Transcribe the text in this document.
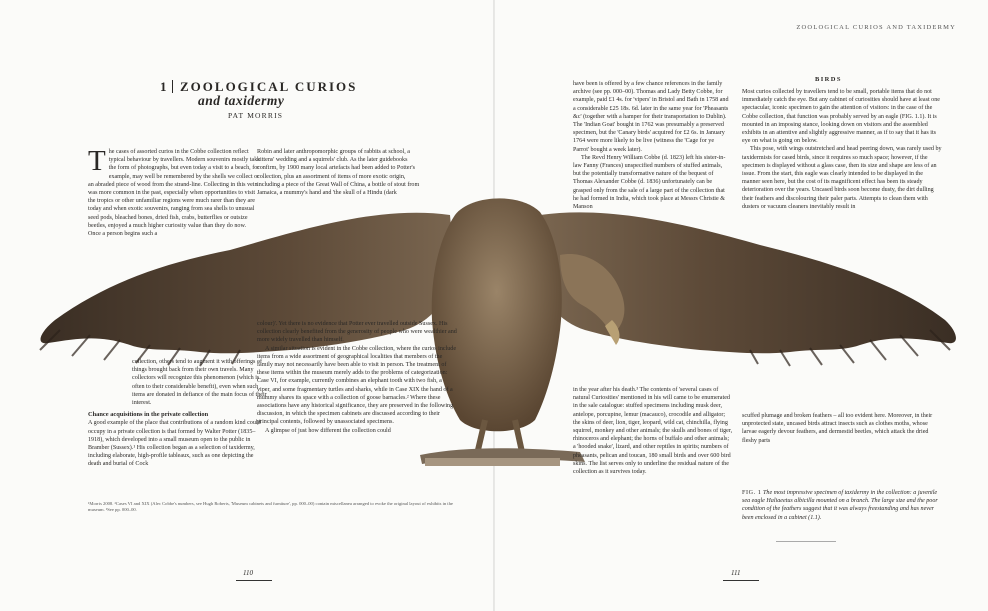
ZOOLOGICAL CURIOS AND TAXIDERMY
1 ZOOLOGICAL CURIOS
and taxidermy
PAT MORRIS

The cases of assorted curios in the Cobbe collection reflect typical behaviour by travellers. Modern souvenirs mostly take the form of photographs, but even today a visit to a beach, for example, may well be remembered by the shells we collect or an abraded piece of wood from the strand-line. Collecting in this vein was more common in the past, especially when opportunities to visit the tropics or other unfamiliar regions were much rarer than they are today and when exotic souvenirs, ranging from sea shells to unusual seed pods, bleached bones, dried fish, crabs, butterflies or outsize beetles, enjoyed a much higher curiosity value than they do now. Once a person begins such a

collection, others tend to augment it with offerings of things brought back from their own travels. Many collectors will recognize this phenomenon (which is often to their considerable benefit), even when such items are donated in defiance of the main focus of their interest.

Chance acquisitions in the private collection

A good example of the place that contributions of a random kind could occupy in a private collection is that formed by Walter Potter (1835–1918), which developed into a small museum open to the public in Bramber (Sussex).¹ His collection began as a selection of taxidermy, including elaborate, high-profile tableaux, such as one depicting the death and burial of Cock

Robin and later anthropomorphic groups of rabbits at school, a kittens' wedding and a squirrels' club. As the later guidebooks confirm, by 1900 many local artefacts had been added to Potter's collection, plus an assortment of items of more exotic origin, including a piece of the Great Wall of China, a bottle of stout from Jamaica, a mummy's hand and 'the skull of a Hindu (dark

colour)'. Yet there is no evidence that Potter ever travelled outside Sussex. His collection clearly benefited from the generosity of people who were wealthier and more widely travelled than himself.

A similar situation is evident in the Cobbe collection, where the curios include items from a wide assortment of geographical localities that members of the family may not necessarily have been able to visit in person. The treatment of these items within the museum merely adds to the problems of categorization: Case VI, for example, currently combines an elephant tooth with two fish, a viper, and some fragmentary turtles and sharks, while in Case XIX the hand of a mummy shares its space with a collection of goose barnacles.² Where these associations have any historical significance, they are preserved in the following discussion, in which the specimen cabinets are discussed according to their principal contents, followed by unassociated specimens.

A glimpse of just how different the collection could

have been is offered by a few chance references in the family archive (see pp. 000–00). Thomas and Lady Betty Cobbe, for example, paid £1 4s. for 'vipers' in Bristol and Bath in 1758 and a considerable £25 18s. 6d. later in the same year for 'Pheasants &c' (together with a hamper for their transportation to Dublin). The 'Indian Goat' bought in 1762 was presumably a preserved specimen, but the 'Canary birds' acquired for £2 6s. in January 1764 were more likely to be live (witness the 'Cage for ye Parrot' bought a week later).

The Revd Henry William Cobbe (d. 1823) left his sister-in-law Fanny (Frances) unspecified numbers of stuffed animals, but the potentially transformative nature of the bequest of Thomas Alexander Cobbe (d. 1836) unfortunately can be grasped only from the sale of a large part of the collection that he had formed in India, which took place at Messrs Christie & Manson

in the year after his death.³ The contents of 'several cases of natural Curiosities' mentioned in his will came to be enumerated in the sale catalogue: stuffed specimens including musk deer, antelope, porcupine, lemur (macauco), crocodile and alligator; the skins of deer, lion, tiger, leopard, wild cat, chinchilla, flying squirrel, monkey and other animals; the skulls and bones of tiger, rhinoceros and elephant; the horns of buffalo and other animals; a 'hooded snake', lizard, and other reptiles in spirits; numbers of pheasants, pelican and toucan, 180 small birds and over 600 bird skins. The list serves only to underline the residual nature of the collection as it survives today.

BIRDS

Most curios collected by travellers tend to be small, portable items that do not immediately catch the eye. But any cabinet of curiosities should have at least one spectacular, iconic specimen to gain the attention of visitors: in the case of the Cobbe collection, that function was probably served by an eagle (FIG. 1.1). It is mounted in an imposing stance, looking down on visitors and the assembled exhibits in an attentive and slightly aggressive manner, as if to say that it has its eye on what is going on below.

This pose, with wings outstretched and head peering down, was rarely used by taxidermists for cased birds, since it requires so much space; however, if the specimen is displayed without a glass case, then its size and shape are less of an issue. From the start, this eagle was clearly intended to be displayed in the manner seen here, but the cost of its magnificent effect has been its steady deterioration over the years. Uncased birds soon become dusty, the dirt dulling their feathers and discolouring their paler parts. Attempts to clean them with dusters or vacuum cleaners inevitably result in

scuffed plumage and broken feathers – all too evident here. Moreover, in their unprotected state, uncased birds attract insects such as clothes moths, whose larvae eagerly devour feathers, and dermestid beetles, which attack the dried fleshy parts

FIG. 1 The most impressive specimen of taxidermy in the collection: a juvenile sea eagle Haliaeetus albicilla mounted on a branch. The large size and the poor condition of the feathers suggest that it was always freestanding and has never been enclosed in a cabinet (1.1).
¹Morris 2008. ²Cases VI and XIX (Alec Cobbe's numbers, see Hugh Roberts, 'Museum cabinets and furniture', pp. 000–00) contain miscellanea arranged to evoke the original layout of exhibits in the museum. ³See pp. 000–00.
110	111
